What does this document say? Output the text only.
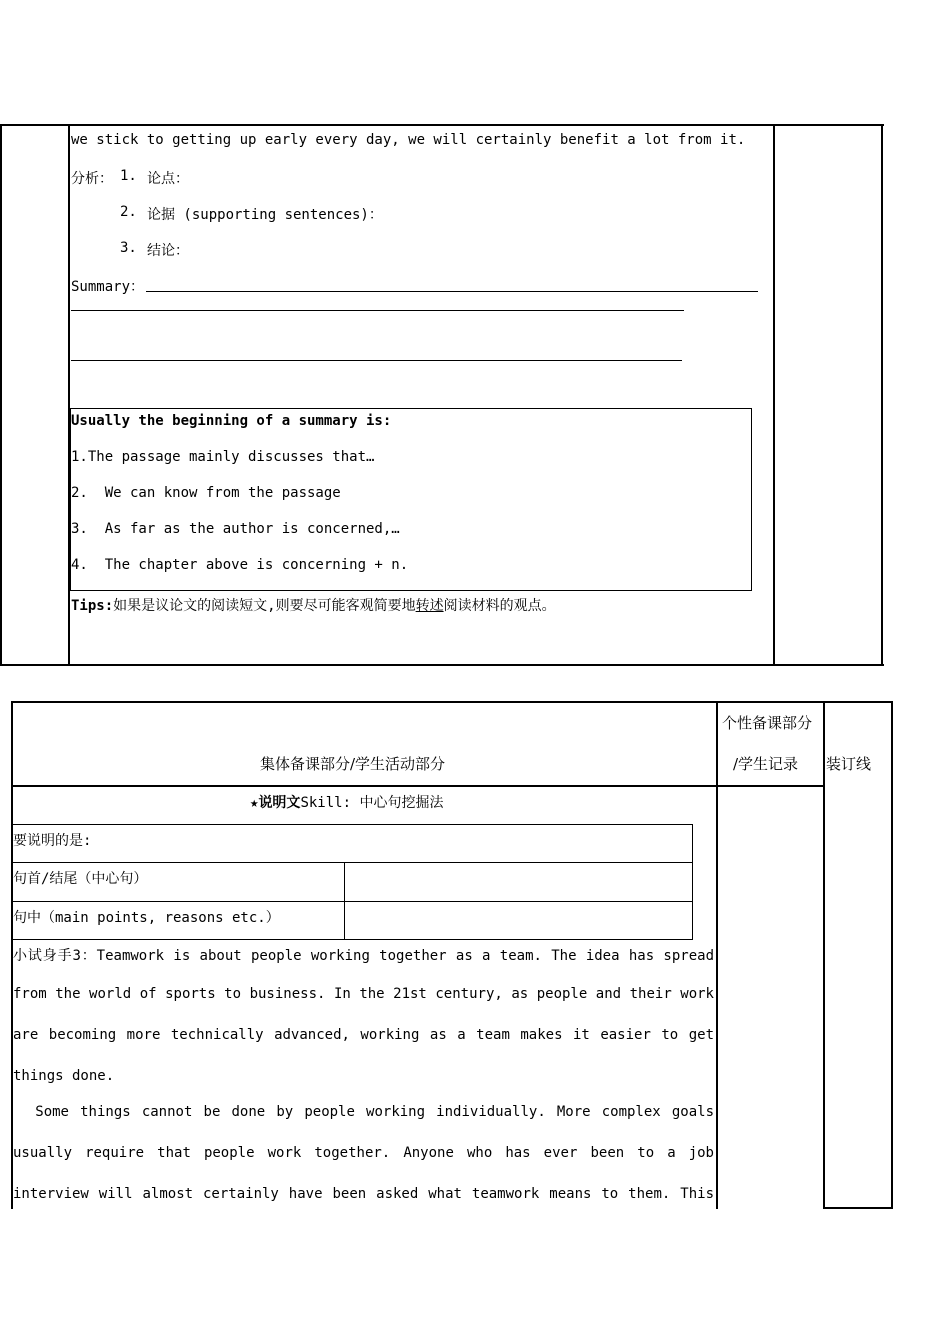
we stick to getting up early every day, we will certainly benefit a lot from it.
分析： 1. 论点：
2. 论据 (supporting sentences)：
3. 结论：
Summary：
Usually the beginning of a summary is:
1.The passage mainly discusses that…
2.  We can know from the passage
3.  As far as the author is concerned,…
4.  The chapter above is concerning + n.
Tips:如果是议论文的阅读短文,则要尽可能客观简要地转述阅读材料的观点。
集体备课部分/学生活动部分
个性备课部分
/学生记录 装订线
★说明文Skill: 中心句挖掘法
要说明的是:
句首/结尾（中心句）
句中（main points, reasons etc.）
小试身手3：Teamwork is about people working together as a team. The idea has spread
from the world of sports to business. In the 21st century, as people and their work
are becoming more technically advanced, working as a team makes it easier to get
things done.
Some things cannot be done by people working individually. More complex goals
usually require that people work together. Anyone who has ever been to a job
interview will almost certainly have been asked what teamwork means to them. This
